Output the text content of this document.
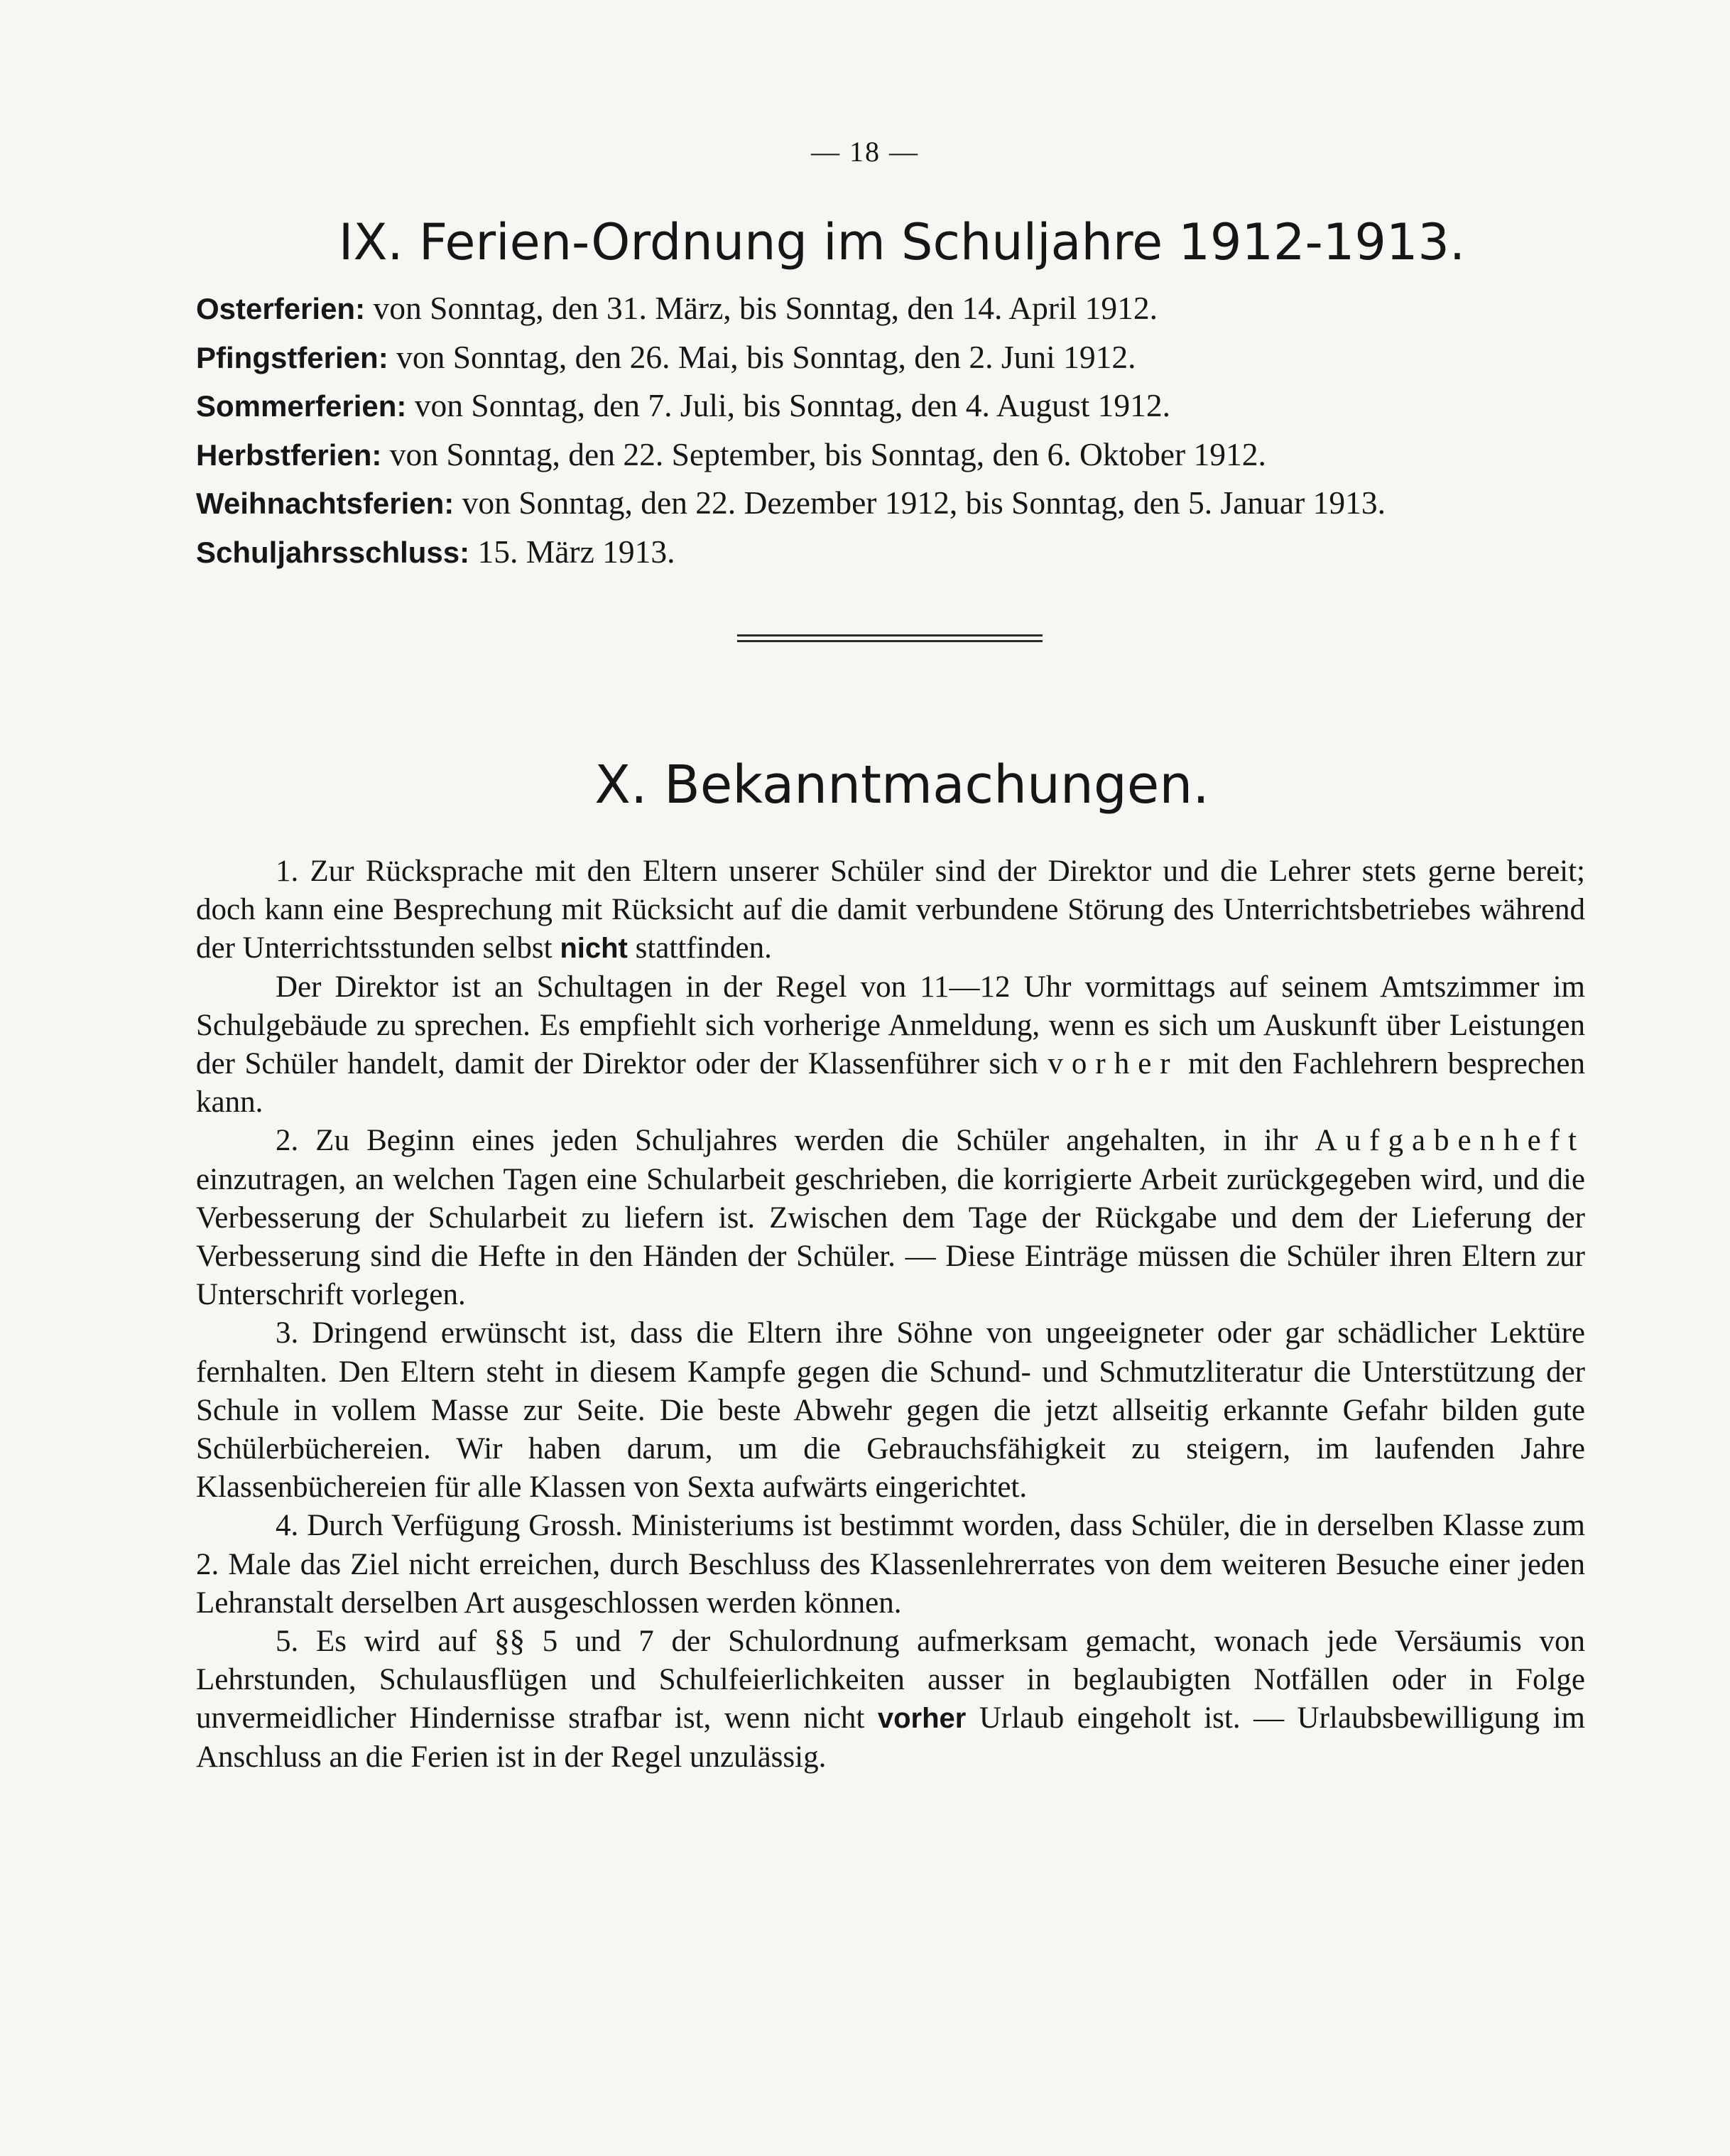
— 18 —
IX. Ferien-Ordnung im Schuljahre 1912-1913.
Osterferien: von Sonntag, den 31. März, bis Sonntag, den 14. April 1912.
Pfingstferien: von Sonntag, den 26. Mai, bis Sonntag, den 2. Juni 1912.
Sommerferien: von Sonntag, den 7. Juli, bis Sonntag, den 4. August 1912.
Herbstferien: von Sonntag, den 22. September, bis Sonntag, den 6. Oktober 1912.
Weihnachtsferien: von Sonntag, den 22. Dezember 1912, bis Sonntag, den 5. Januar 1913.
Schuljahrsschluss: 15. März 1913.
X. Bekanntmachungen.

1. Zur Rücksprache mit den Eltern unserer Schüler sind der Direktor und die Lehrer stets gerne bereit; doch kann eine Besprechung mit Rücksicht auf die damit verbundene Störung des Unterrichtsbetriebes während der Unterrichtsstunden selbst nicht stattfinden.

Der Direktor ist an Schultagen in der Regel von 11—12 Uhr vormittags auf seinem Amtszimmer im Schulgebäude zu sprechen. Es empfiehlt sich vorherige Anmeldung, wenn es sich um Auskunft über Leistungen der Schüler handelt, damit der Direktor oder der Klassenführer sich vorher mit den Fachlehrern besprechen kann.

2. Zu Beginn eines jeden Schuljahres werden die Schüler angehalten, in ihr Aufgabenheft einzutragen, an welchen Tagen eine Schularbeit geschrieben, die korrigierte Arbeit zurückgegeben wird, und die Verbesserung der Schularbeit zu liefern ist. Zwischen dem Tage der Rückgabe und dem der Lieferung der Verbesserung sind die Hefte in den Händen der Schüler. — Diese Einträge müssen die Schüler ihren Eltern zur Unterschrift vorlegen.

3. Dringend erwünscht ist, dass die Eltern ihre Söhne von ungeeigneter oder gar schädlicher Lektüre fernhalten. Den Eltern steht in diesem Kampfe gegen die Schund- und Schmutzliteratur die Unterstützung der Schule in vollem Masse zur Seite. Die beste Abwehr gegen die jetzt allseitig erkannte Gefahr bilden gute Schülerbüchereien. Wir haben darum, um die Gebrauchsfähigkeit zu steigern, im laufenden Jahre Klassenbüchereien für alle Klassen von Sexta aufwärts eingerichtet.

4. Durch Verfügung Grossh. Ministeriums ist bestimmt worden, dass Schüler, die in derselben Klasse zum 2. Male das Ziel nicht erreichen, durch Beschluss des Klassenlehrerrates von dem weiteren Besuche einer jeden Lehranstalt derselben Art ausgeschlossen werden können.

5. Es wird auf §§ 5 und 7 der Schulordnung aufmerksam gemacht, wonach jede Versäumis von Lehrstunden, Schulausflügen und Schulfeierlichkeiten ausser in beglaubigten Notfällen oder in Folge unvermeidlicher Hindernisse strafbar ist, wenn nicht vorher Urlaub eingeholt ist. — Urlaubsbewilligung im Anschluss an die Ferien ist in der Regel unzulässig.
